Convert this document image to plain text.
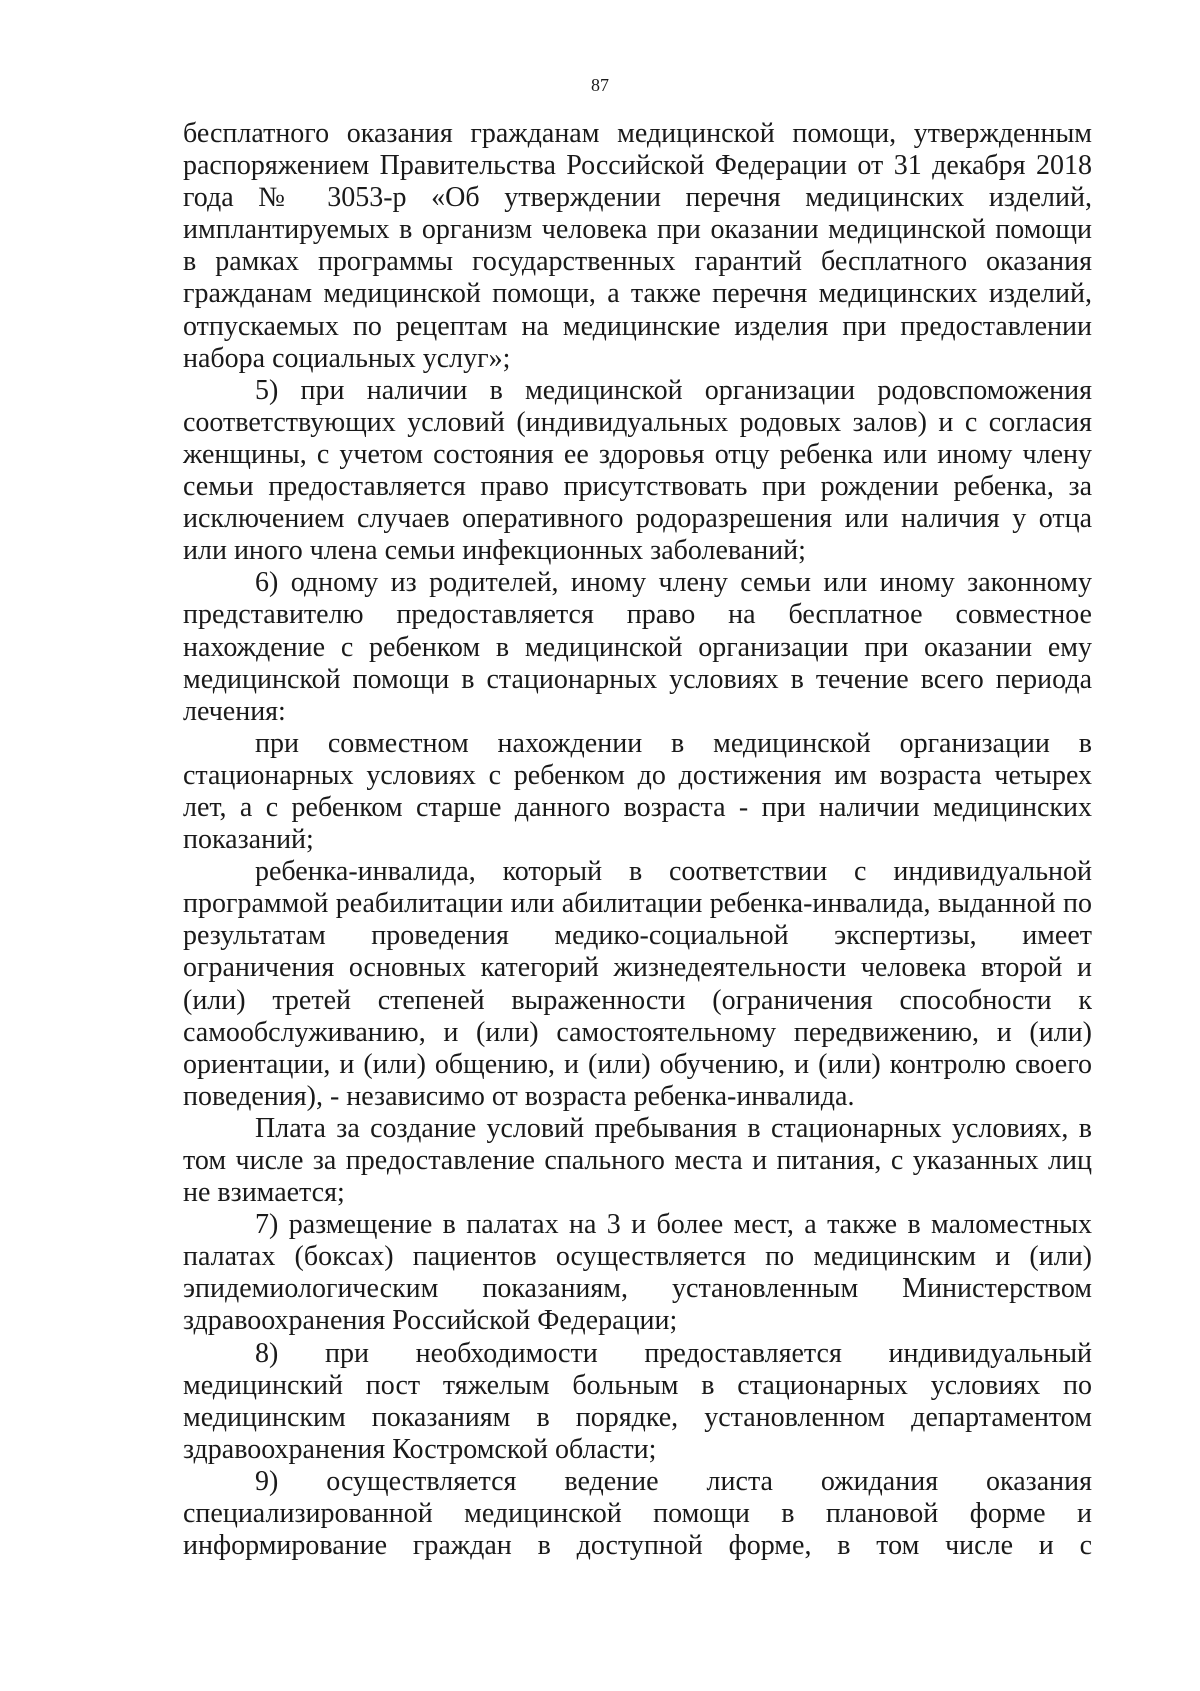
87

бесплатного оказания гражданам медицинской помощи, утвержденным распоряжением Правительства Российской Федерации от 31 декабря 2018 года № 3053-р «Об утверждении перечня медицинских изделий, имплантируемых в организм человека при оказании медицинской помощи в рамках программы государственных гарантий бесплатного оказания гражданам медицинской помощи, а также перечня медицинских изделий, отпускаемых по рецептам на медицинские изделия при предоставлении набора социальных услуг»;

5) при наличии в медицинской организации родовспоможения соответствующих условий (индивидуальных родовых залов) и с согласия женщины, с учетом состояния ее здоровья отцу ребенка или иному члену семьи предоставляется право присутствовать при рождении ребенка, за исключением случаев оперативного родоразрешения или наличия у отца или иного члена семьи инфекционных заболеваний;

6) одному из родителей, иному члену семьи или иному законному представителю предоставляется право на бесплатное совместное нахождение с ребенком в медицинской организации при оказании ему медицинской помощи в стационарных условиях в течение всего периода лечения:

при совместном нахождении в медицинской организации в стационарных условиях с ребенком до достижения им возраста четырех лет, а с ребенком старше данного возраста - при наличии медицинских показаний;

ребенка-инвалида, который в соответствии с индивидуальной программой реабилитации или абилитации ребенка-инвалида, выданной по результатам проведения медико-социальной экспертизы, имеет ограничения основных категорий жизнедеятельности человека второй и (или) третей степеней выраженности (ограничения способности к самообслуживанию, и (или) самостоятельному передвижению, и (или) ориентации, и (или) общению, и (или) обучению, и (или) контролю своего поведения), - независимо от возраста ребенка-инвалида.

Плата за создание условий пребывания в стационарных условиях, в том числе за предоставление спального места и питания, с указанных лиц не взимается;

7) размещение в палатах на 3 и более мест, а также в маломестных палатах (боксах) пациентов осуществляется по медицинским и (или) эпидемиологическим показаниям, установленным Министерством здравоохранения Российской Федерации;

8) при необходимости предоставляется индивидуальный медицинский пост тяжелым больным в стационарных условиях по медицинским показаниям в порядке, установленном департаментом здравоохранения Костромской области;

9) осуществляется ведение листа ожидания оказания специализированной медицинской помощи в плановой форме и информирование граждан в доступной форме, в том числе и с
